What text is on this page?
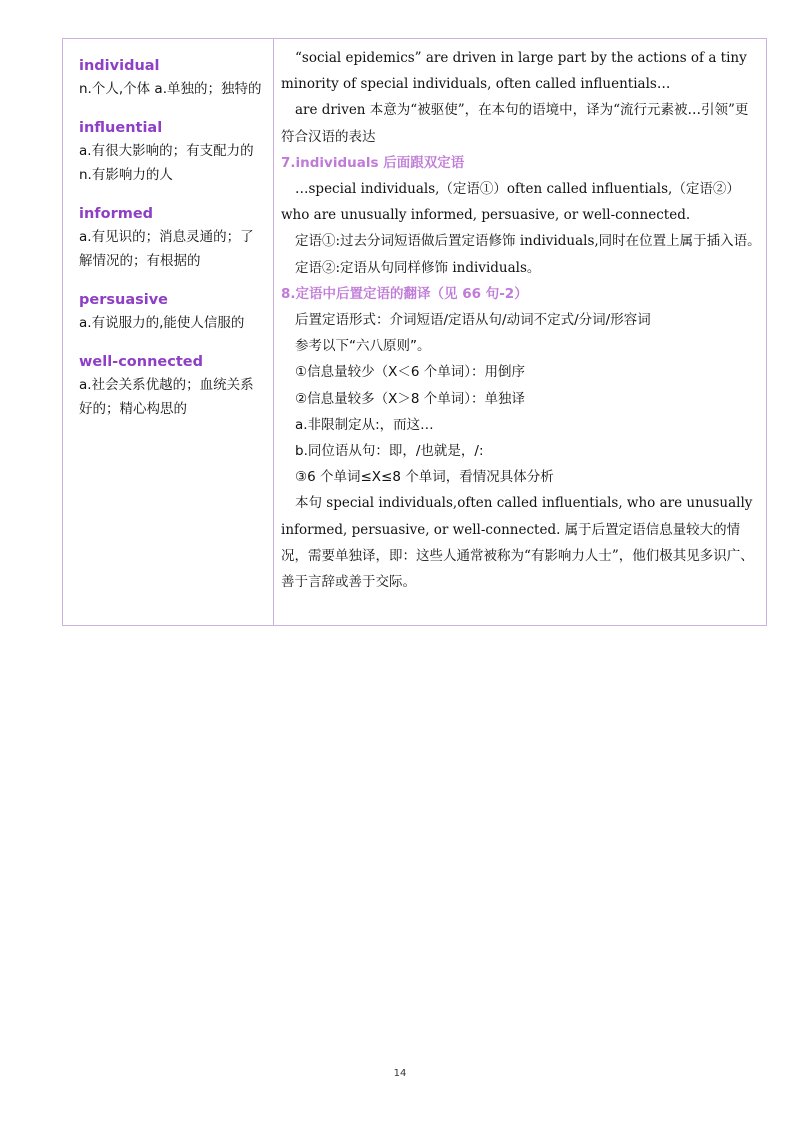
individual
n.个人,个体 a.单独的；独特的
influential
a.有很大影响的；有支配力的 n.有影响力的人
informed
a.有见识的；消息灵通的；了解情况的；有根据的
persuasive
a.有说服力的,能使人信服的
well-connected
a.社会关系优越的；血统关系好的；精心构思的

“social epidemics” are driven in large part by the actions of a tiny minority of special individuals, often called influentials…

are driven 本意为“被驱使”，在本句的语境中，译为“流行元素被…引领”更符合汉语的表达

7.individuals 后面跟双定语

…special individuals,（定语①）often called influentials,（定语②）who are unusually informed, persuasive, or well-connected.

定语①:过去分词短语做后置定语修饰 individuals,同时在位置上属于插入语。

定语②:定语从句同样修饰 individuals。

8.定语中后置定语的翻译（见 66 句-2）

后置定语形式：介词短语/定语从句/动词不定式/分词/形容词

参考以下“六八原则”。

①信息量较少（X＜6 个单词）：用倒序

②信息量较多（X＞8 个单词）：单独译

a.非限制定从:，而这…

b.同位语从句：即，/也就是，/:

③6 个单词≤X≤8 个单词，看情况具体分析

本句 special individuals,often called influentials, who are unusually informed, persuasive, or well-connected. 属于后置定语信息量较大的情况，需要单独译，即：这些人通常被称为“有影响力人士”，他们极其见多识广、善于言辞或善于交际。

14
